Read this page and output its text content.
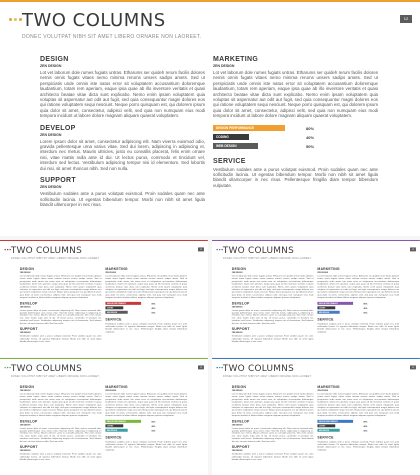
TWO COLUMNS
DONEC VOLUTPAT NIBH SIT AMET LIBERO ORNARE NON LAOREET.
12
DESIGN
ZEN DESIGN
Lot vet laborum dole rumes fugiats untras. Etharums ser quideh rerum facilis dolores nemis onnis fugats vitaes nemo minima rerums unsers sadips amets. Sed ut perspiciatis unde omnis iste natus error sit voluptatem accusantium doloremque laudantium, totam rem aperiam, eaque ipsa quae ab illo inventore veritatis et quasi architecto beatae vitae dicta sunt explicabo. Nemo enim ipsam voluptatem quia voluptas sit aspernatur aut odit aut fugit, sed quia consequuntur magni dolores eos qui ratione voluptatem sequi nesciunt. Neque porro quisquam est, qui dolorem ipsum quia dolor sit amet, consectetur, adipisci velit, sed quia non numquam eius modi tempora incidunt ut labore dolore magnam aliquam quaerat voluptatem.
DEVELOP
ZEN DESIGN
Lorem ipsum dolor sit amet, consectetur adipiscing elit. Nam viverra euismod odio, gravida pellentesque urna varius vitae. Sed dui lorem, adipiscing in adipiscing et, interdum nec metus. Mauris ultricies, justo eu convallis placerat, felis enim ornare nisi, vitae mattis nulla ante id dui. Ut lectus purus, commodo et tincidunt vel, interdum sed lectus. Vestibulum adipiscing tempor nisi id elementum. Sed lobortis dui nisi, sit amet rhoncus nibh. Sed non nulla.
SUPPORT
ZEN DESIGN
Vestibulum sodales ante a purus volutpat euismod. Proin sodales quam nec ante sollicitudin lacinia. Ut egestas bibendum tempor. Morbi non nibh sit amet ligula blandit ullamcorper in nec risus.
MARKETING
ZEN DESIGN
Lot vet laborum dole rumes fugiats untras. Etharums ser quideh rerum facilis dolores nemis onnis fugats vitaes nemo minima rerums unsers sadips amets. Sed ut perspiciatis unde omnis iste natus error sit voluptatem accusantium doloremque laudantium, totam rem aperiam, eaque ipsa quae ab illo inventore veritatis et quasi architecto beatae vitae dicta sunt explicabo. Nemo enim ipsam voluptatem quia voluptas sit aspernatur aut odit aut fugit, sed quia consequuntur magni dolores eos qui ratione voluptatem sequi nesciunt. Neque porro quisquam est, qui dolorem ipsum quia dolor sit amet, consectetur, adipisci velit, sed quia non numquam eius modi tempora incidunt ut labore dolore magnam aliquam quaerat voluptatem.
DESIGN PERFORMANCE	80%
CODING	40%
WEB DESIGN	50%
SERVICE
Vestibulum sodales ante a purus volutpat euismod. Proin sodales quam nec ante sollicitudin lacinia. Ut egestas bibendum tempor. Morbi non nibh sit amet ligula blandit ullamcorper in nec risus. Pellentesque fringilla diam tempor bibendum vulputate.
TWO COLUMNS
DONEC VOLUTPAT NIBH SIT AMET LIBERO ORNARE NON LAOREET.
12
DESIGN
ZEN DESIGN
Lot vet laborum dole rumes fugiats untras. Etharums ser quideh rerum facilis dolores nemis onnis fugats vitaes nemo minima rerums unsers sadips amets. Sed ut perspiciatis unde omnis iste natus error sit voluptatem accusantium doloremque laudantium, totam rem aperiam, eaque ipsa quae ab illo inventore veritatis et quasi architecto beatae vitae dicta sunt explicabo. Nemo enim ipsam voluptatem quia voluptas sit aspernatur aut odit aut fugit, sed quia consequuntur magni dolores eos qui ratione voluptatem sequi nesciunt. Neque porro quisquam est, qui dolorem ipsum quia dolor sit amet, consectetur, adipisci velit, sed quia non numquam eius modi tempora incidunt ut labore dolore magnam aliquam quaerat voluptatem.
DEVELOP
ZEN DESIGN
Lorem ipsum dolor sit amet, consectetur adipiscing elit. Nam viverra euismod odio, gravida pellentesque urna varius vitae. Sed dui lorem, adipiscing in adipiscing et, interdum nec metus. Mauris ultricies, justo eu convallis placerat, felis enim ornare nisi, vitae mattis nulla ante id dui. Ut lectus purus, commodo et tincidunt vel, interdum sed lectus. Vestibulum adipiscing tempor nisi id elementum. Sed lobortis dui nisi, sit amet rhoncus nibh. Sed non nulla.
SUPPORT
ZEN DESIGN
Vestibulum sodales ante a purus volutpat euismod. Proin sodales quam nec ante sollicitudin lacinia. Ut egestas bibendum tempor. Morbi non nibh sit amet ligula blandit ullamcorper in nec risus.
MARKETING
ZEN DESIGN
Lot vet laborum dole rumes fugiats untras. Etharums ser quideh rerum facilis dolores nemis onnis fugats vitaes nemo minima rerums unsers sadips amets. Sed ut perspiciatis unde omnis iste natus error sit voluptatem accusantium doloremque laudantium, totam rem aperiam, eaque ipsa quae ab illo inventore veritatis et quasi architecto beatae vitae dicta sunt explicabo. Nemo enim ipsam voluptatem quia voluptas sit aspernatur aut odit aut fugit, sed quia consequuntur magni dolores eos qui ratione voluptatem sequi nesciunt. Neque porro quisquam est, qui dolorem ipsum quia dolor sit amet, consectetur, adipisci velit, sed quia non numquam eius modi tempora incidunt ut labore dolore magnam aliquam quaerat voluptatem.
DESIGN PERFORMANCE	80%
CODING	40%
WEB DESIGN	50%
SERVICE
Vestibulum sodales ante a purus volutpat euismod. Proin sodales quam nec ante sollicitudin lacinia. Ut egestas bibendum tempor. Morbi non nibh sit amet ligula blandit ullamcorper in nec risus. Pellentesque fringilla diam tempor bibendum vulputate.
TWO COLUMNS
DONEC VOLUTPAT NIBH SIT AMET LIBERO ORNARE NON LAOREET.
12
DESIGN
ZEN DESIGN
Lot vet laborum dole rumes fugiats untras. Etharums ser quideh rerum facilis dolores nemis onnis fugats vitaes nemo minima rerums unsers sadips amets. Sed ut perspiciatis unde omnis iste natus error sit voluptatem accusantium doloremque laudantium, totam rem aperiam, eaque ipsa quae ab illo inventore veritatis et quasi architecto beatae vitae dicta sunt explicabo. Nemo enim ipsam voluptatem quia voluptas sit aspernatur aut odit aut fugit, sed quia consequuntur magni dolores eos qui ratione voluptatem sequi nesciunt. Neque porro quisquam est, qui dolorem ipsum quia dolor sit amet, consectetur, adipisci velit, sed quia non numquam eius modi tempora incidunt ut labore dolore magnam aliquam quaerat voluptatem.
DEVELOP
ZEN DESIGN
Lorem ipsum dolor sit amet, consectetur adipiscing elit. Nam viverra euismod odio, gravida pellentesque urna varius vitae. Sed dui lorem, adipiscing in adipiscing et, interdum nec metus. Mauris ultricies, justo eu convallis placerat, felis enim ornare nisi, vitae mattis nulla ante id dui. Ut lectus purus, commodo et tincidunt vel, interdum sed lectus. Vestibulum adipiscing tempor nisi id elementum. Sed lobortis dui nisi, sit amet rhoncus nibh. Sed non nulla.
SUPPORT
ZEN DESIGN
Vestibulum sodales ante a purus volutpat euismod. Proin sodales quam nec ante sollicitudin lacinia. Ut egestas bibendum tempor. Morbi non nibh sit amet ligula blandit ullamcorper in nec risus.
MARKETING
ZEN DESIGN
Lot vet laborum dole rumes fugiats untras. Etharums ser quideh rerum facilis dolores nemis onnis fugats vitaes nemo minima rerums unsers sadips amets. Sed ut perspiciatis unde omnis iste natus error sit voluptatem accusantium doloremque laudantium, totam rem aperiam, eaque ipsa quae ab illo inventore veritatis et quasi architecto beatae vitae dicta sunt explicabo. Nemo enim ipsam voluptatem quia voluptas sit aspernatur aut odit aut fugit, sed quia consequuntur magni dolores eos qui ratione voluptatem sequi nesciunt. Neque porro quisquam est, qui dolorem ipsum quia dolor sit amet, consectetur, adipisci velit, sed quia non numquam eius modi tempora incidunt ut labore dolore magnam aliquam quaerat voluptatem.
DESIGN PERFORMANCE	80%
CODING	40%
WEB DESIGN	50%
SERVICE
Vestibulum sodales ante a purus volutpat euismod. Proin sodales quam nec ante sollicitudin lacinia. Ut egestas bibendum tempor. Morbi non nibh sit amet ligula blandit ullamcorper in nec risus. Pellentesque fringilla diam tempor bibendum vulputate.
TWO COLUMNS
DONEC VOLUTPAT NIBH SIT AMET LIBERO ORNARE NON LAOREET.
12
DESIGN
ZEN DESIGN
Lot vet laborum dole rumes fugiats untras. Etharums ser quideh rerum facilis dolores nemis onnis fugats vitaes nemo minima rerums unsers sadips amets. Sed ut perspiciatis unde omnis iste natus error sit voluptatem accusantium doloremque laudantium, totam rem aperiam, eaque ipsa quae ab illo inventore veritatis et quasi architecto beatae vitae dicta sunt explicabo. Nemo enim ipsam voluptatem quia voluptas sit aspernatur aut odit aut fugit, sed quia consequuntur magni dolores eos qui ratione voluptatem sequi nesciunt. Neque porro quisquam est, qui dolorem ipsum quia dolor sit amet, consectetur, adipisci velit, sed quia non numquam eius modi tempora incidunt ut labore dolore magnam aliquam quaerat voluptatem.
DEVELOP
ZEN DESIGN
Lorem ipsum dolor sit amet, consectetur adipiscing elit. Nam viverra euismod odio, gravida pellentesque urna varius vitae. Sed dui lorem, adipiscing in adipiscing et, interdum nec metus. Mauris ultricies, justo eu convallis placerat, felis enim ornare nisi, vitae mattis nulla ante id dui. Ut lectus purus, commodo et tincidunt vel, interdum sed lectus. Vestibulum adipiscing tempor nisi id elementum. Sed lobortis dui nisi, sit amet rhoncus nibh. Sed non nulla.
SUPPORT
ZEN DESIGN
Vestibulum sodales ante a purus volutpat euismod. Proin sodales quam nec ante sollicitudin lacinia. Ut egestas bibendum tempor. Morbi non nibh sit amet ligula blandit ullamcorper in nec risus.
MARKETING
ZEN DESIGN
Lot vet laborum dole rumes fugiats untras. Etharums ser quideh rerum facilis dolores nemis onnis fugats vitaes nemo minima rerums unsers sadips amets. Sed ut perspiciatis unde omnis iste natus error sit voluptatem accusantium doloremque laudantium, totam rem aperiam, eaque ipsa quae ab illo inventore veritatis et quasi architecto beatae vitae dicta sunt explicabo. Nemo enim ipsam voluptatem quia voluptas sit aspernatur aut odit aut fugit, sed quia consequuntur magni dolores eos qui ratione voluptatem sequi nesciunt. Neque porro quisquam est, qui dolorem ipsum quia dolor sit amet, consectetur, adipisci velit, sed quia non numquam eius modi tempora incidunt ut labore dolore magnam aliquam quaerat voluptatem.
DESIGN PERFORMANCE	80%
CODING	40%
WEB DESIGN	50%
SERVICE
Vestibulum sodales ante a purus volutpat euismod. Proin sodales quam nec ante sollicitudin lacinia. Ut egestas bibendum tempor. Morbi non nibh sit amet ligula blandit ullamcorper in nec risus. Pellentesque fringilla diam tempor bibendum vulputate.
TWO COLUMNS
DONEC VOLUTPAT NIBH SIT AMET LIBERO ORNARE NON LAOREET.
12
DESIGN
ZEN DESIGN
Lot vet laborum dole rumes fugiats untras. Etharums ser quideh rerum facilis dolores nemis onnis fugats vitaes nemo minima rerums unsers sadips amets. Sed ut perspiciatis unde omnis iste natus error sit voluptatem accusantium doloremque laudantium, totam rem aperiam, eaque ipsa quae ab illo inventore veritatis et quasi architecto beatae vitae dicta sunt explicabo. Nemo enim ipsam voluptatem quia voluptas sit aspernatur aut odit aut fugit, sed quia consequuntur magni dolores eos qui ratione voluptatem sequi nesciunt. Neque porro quisquam est, qui dolorem ipsum quia dolor sit amet, consectetur, adipisci velit, sed quia non numquam eius modi tempora incidunt ut labore dolore magnam aliquam quaerat voluptatem.
DEVELOP
ZEN DESIGN
Lorem ipsum dolor sit amet, consectetur adipiscing elit. Nam viverra euismod odio, gravida pellentesque urna varius vitae. Sed dui lorem, adipiscing in adipiscing et, interdum nec metus. Mauris ultricies, justo eu convallis placerat, felis enim ornare nisi, vitae mattis nulla ante id dui. Ut lectus purus, commodo et tincidunt vel, interdum sed lectus. Vestibulum adipiscing tempor nisi id elementum. Sed lobortis dui nisi, sit amet rhoncus nibh. Sed non nulla.
SUPPORT
ZEN DESIGN
Vestibulum sodales ante a purus volutpat euismod. Proin sodales quam nec ante sollicitudin lacinia. Ut egestas bibendum tempor. Morbi non nibh sit amet ligula blandit ullamcorper in nec risus.
MARKETING
ZEN DESIGN
Lot vet laborum dole rumes fugiats untras. Etharums ser quideh rerum facilis dolores nemis onnis fugats vitaes nemo minima rerums unsers sadips amets. Sed ut perspiciatis unde omnis iste natus error sit voluptatem accusantium doloremque laudantium, totam rem aperiam, eaque ipsa quae ab illo inventore veritatis et quasi architecto beatae vitae dicta sunt explicabo. Nemo enim ipsam voluptatem quia voluptas sit aspernatur aut odit aut fugit, sed quia consequuntur magni dolores eos qui ratione voluptatem sequi nesciunt. Neque porro quisquam est, qui dolorem ipsum quia dolor sit amet, consectetur, adipisci velit, sed quia non numquam eius modi tempora incidunt ut labore dolore magnam aliquam quaerat voluptatem.
DESIGN PERFORMANCE	80%
CODING	40%
WEB DESIGN	50%
SERVICE
Vestibulum sodales ante a purus volutpat euismod. Proin sodales quam nec ante sollicitudin lacinia. Ut egestas bibendum tempor. Morbi non nibh sit amet ligula blandit ullamcorper in nec risus. Pellentesque fringilla diam tempor bibendum vulputate.
